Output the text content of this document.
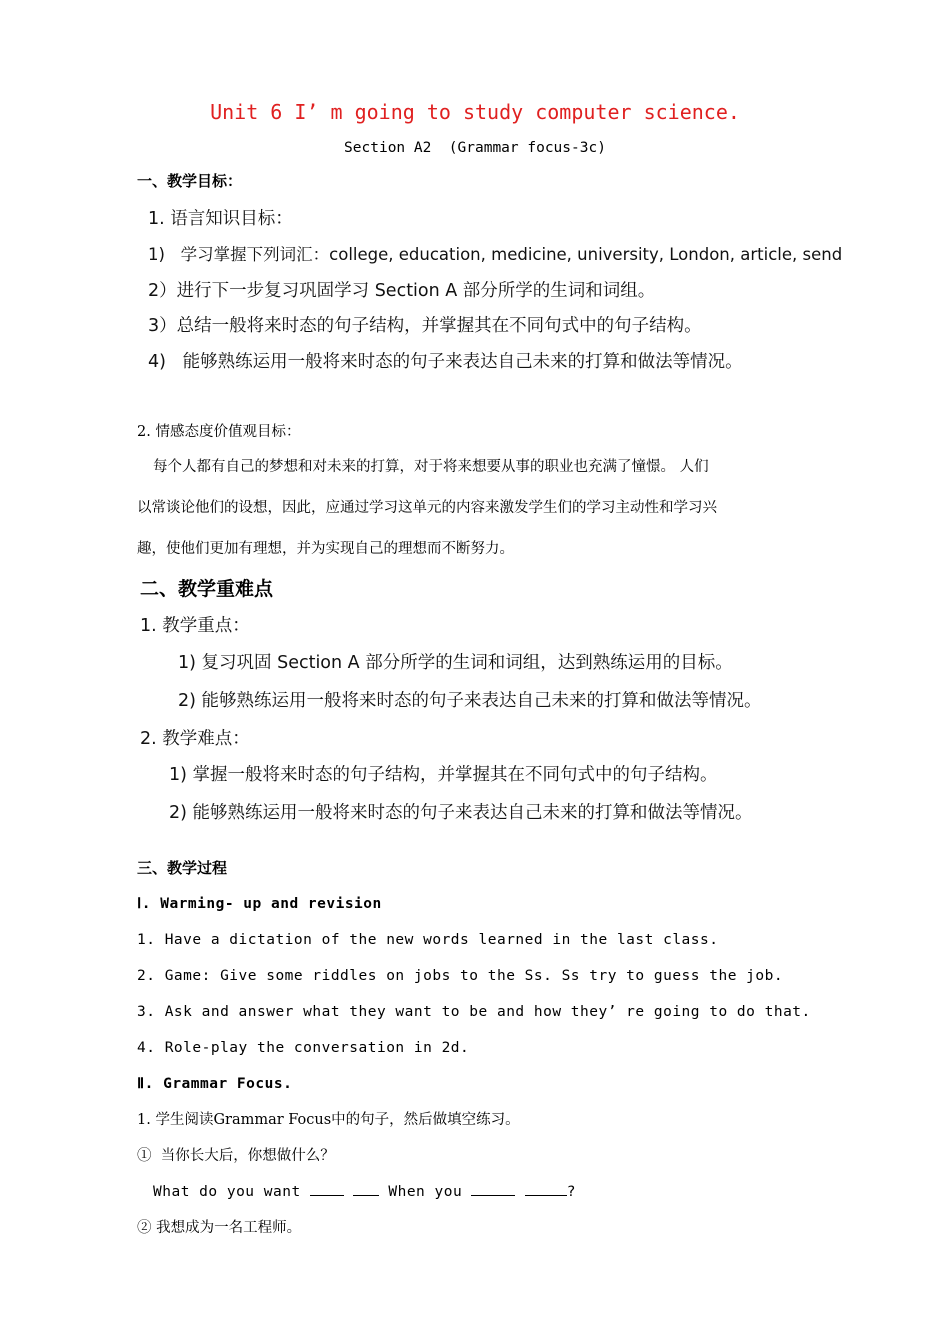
Unit 6 I’ m going to study computer science.
Section A2  (Grammar focus-3c)
一、教学目标：
1. 语言知识目标：
1)   学习掌握下列词汇：college, education, medicine, university, London, article, send
2）进行下一步复习巩固学习 Section A 部分所学的生词和词组。
3）总结一般将来时态的句子结构，并掌握其在不同句式中的句子结构。
4)   能够熟练运用一般将来时态的句子来表达自己未来的打算和做法等情况。
2. 情感态度价值观目标：
每个人都有自己的梦想和对未来的打算，对于将来想要从事的职业也充满了憧憬。 人们
以常谈论他们的设想，因此，应通过学习这单元的内容来激发学生们的学习主动性和学习兴
趣，使他们更加有理想，并为实现自己的理想而不断努力。
二、教学重难点
1. 教学重点：
1) 复习巩固 Section A 部分所学的生词和词组，达到熟练运用的目标。
2) 能够熟练运用一般将来时态的句子来表达自己未来的打算和做法等情况。
2. 教学难点：
1) 掌握一般将来时态的句子结构，并掌握其在不同句式中的句子结构。
2) 能够熟练运用一般将来时态的句子来表达自己未来的打算和做法等情况。
三、教学过程
Ⅰ. Warming- up and revision
1. Have a dictation of the new words learned in the last class.
2. Game: Give some riddles on jobs to the Ss. Ss try to guess the job.
3. Ask and answer what they want to be and how they’ re going to do that.
4. Role-play the conversation in 2d.
Ⅱ. Grammar Focus.
1. 学生阅读Grammar Focus中的句子，然后做填空练习。
①  当你长大后，你想做什么？
What do you want	When you	?
② 我想成为一名工程师。
